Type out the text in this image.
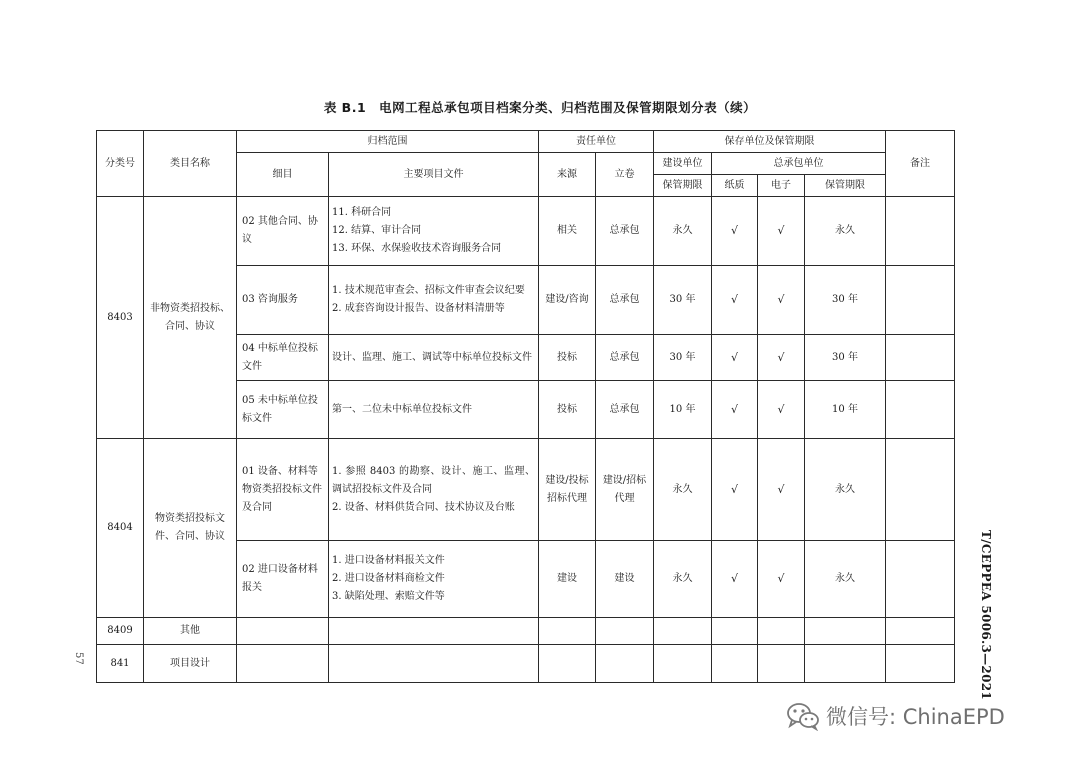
表 B.1　电网工程总承包项目档案分类、归档范围及保管期限划分表（续）
分类号	类目名称	归档范围		责任单位		保存单位及保管期限				备注
		细目	主要项目文件	来源	立卷	建设单位	总承包单位			
						保管期限	纸质	电子	保管期限	
8403	非物资类招投标、合同、协议	02 其他合同、协议	11. 科研合同
12. 结算、审计合同
13. 环保、水保验收技术咨询服务合同	相关	总承包	永久	√	√	永久	
		03 咨询服务	1. 技术规范审查会、招标文件审查会议纪要
2. 成套咨询设计报告、设备材料清册等	建设/咨询	总承包	30 年	√	√	30 年	
		04 中标单位投标文件	设计、监理、施工、调试等中标单位投标文件	投标	总承包	30 年	√	√	30 年	
		05 未中标单位投标文件	第一、二位未中标单位投标文件	投标	总承包	10 年	√	√	10 年	
8404	物资类招投标文件、合同、协议	01 设备、材料等物资类招投标文件及合同	1. 参照 8403 的勘察、设计、施工、监理、调试招投标文件及合同
2. 设备、材料供货合同、技术协议及台账	建设/投标招标代理	建设/招标代理	永久	√	√	永久	
		02 进口设备材料报关	1. 进口设备材料报关文件
2. 进口设备材料商检文件
3. 缺陷处理、索赔文件等	建设	建设	永久	√	√	永久	
8409	其他									
841	项目设计										T/CEPPEA 5006.3—2021
57
微信号: ChinaEPD
